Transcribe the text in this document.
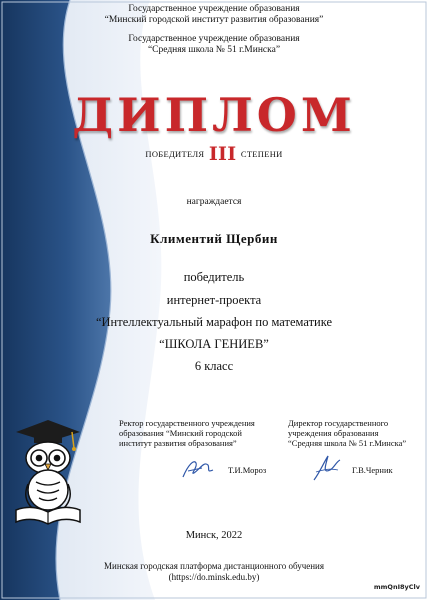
Государственное учреждение образования
“Минский городской институт развития образования”
Государственное учреждение образования
“Средняя школа № 51 г.Минска”
ДИПЛОМ
ПОБЕДИТЕЛЯ III СТЕПЕНИ
награждается
Климентий Щербин
победитель
интернет-проекта
“Интеллектуальный марафон по математике
“ШКОЛА ГЕНИЕВ”
6 класс
Ректор государственного учреждения
образования “Минский городской
институт развития образования”
Директор государственного
учреждения образования
“Средняя школа № 51 г.Минска”
Т.И.Мороз	Г.В.Черник
Минск, 2022
Минская городская платформа дистанционного обучения
(https://do.minsk.edu.by)
mmQnI8yClv
